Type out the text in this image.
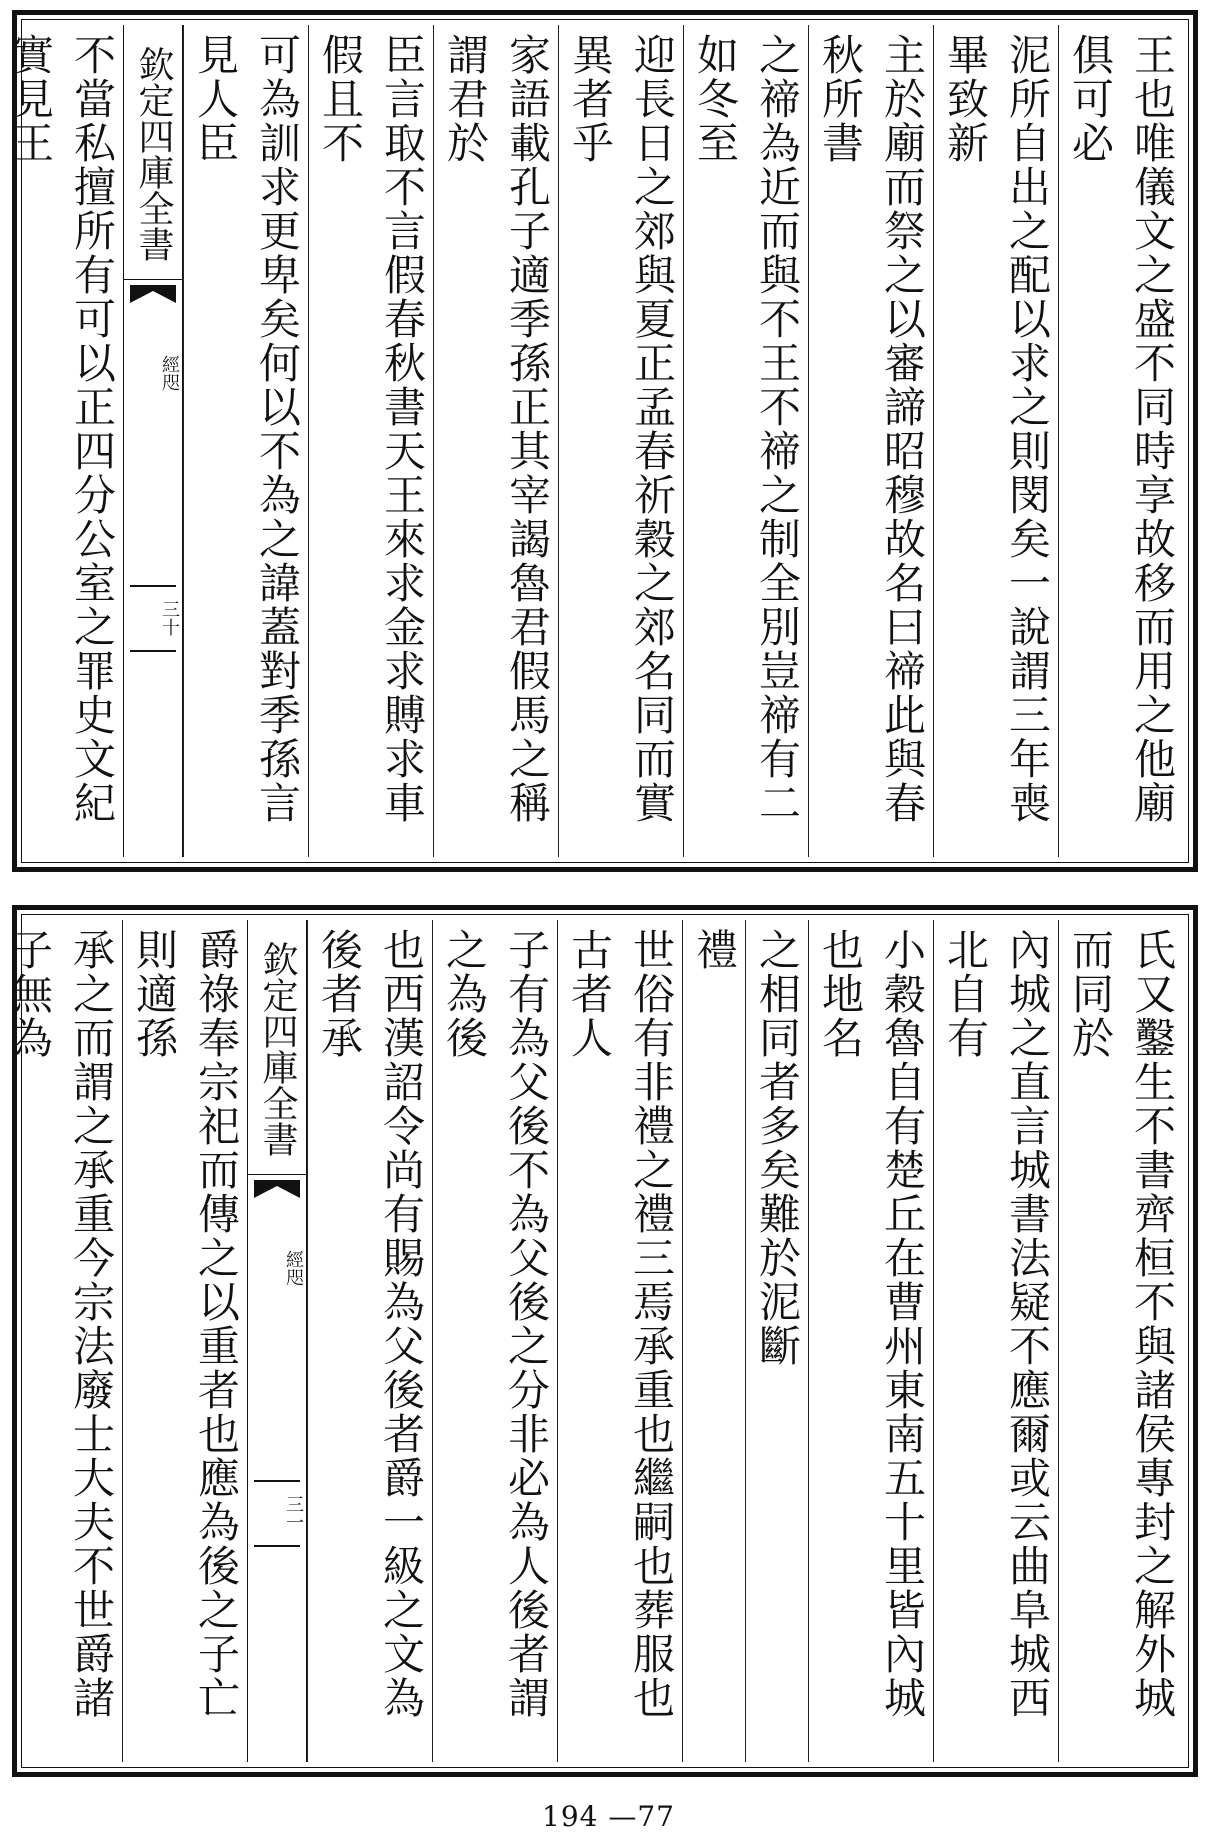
王也唯儀文之盛不同時享故移而用之他廟俱可必
泥所自出之配以求之則閔矣一說謂三年喪畢致新
主於廟而祭之以審諦昭穆故名曰禘此與春秋所書
之禘為近而與不王不禘之制全別豈禘有二如冬至
迎長日之郊與夏正孟春祈穀之郊名同而實異者乎
家語載孔子適季孫正其宰謁魯君假馬之稱謂君於
臣言取不言假春秋書天王來求金求賻求車假且不
可為訓求更卑矣何以不為之諱蓋對季孫言見人臣
欽定四庫全書
經咫
三十
不當私擅所有可以正四分公室之罪史文紀實見王
氏又鑿生不書齊桓不與諸侯專封之解外城而同於
內城之直言城書法疑不應爾或云曲阜城西北自有
小穀魯自有楚丘在曹州東南五十里皆內城也地名
之相同者多矣難於泥斷
禮
世俗有非禮之禮三焉承重也繼嗣也葬服也古者人
子有為父後不為父後之分非必為人後者謂之為後
也西漢詔令尚有賜為父後者爵一級之文為後者承
欽定四庫全書
經咫
三一
爵祿奉宗祀而傳之以重者也應為後之子亡則適孫
承之而謂之承重今宗法廢士大夫不世爵諸子無為
194 —77
